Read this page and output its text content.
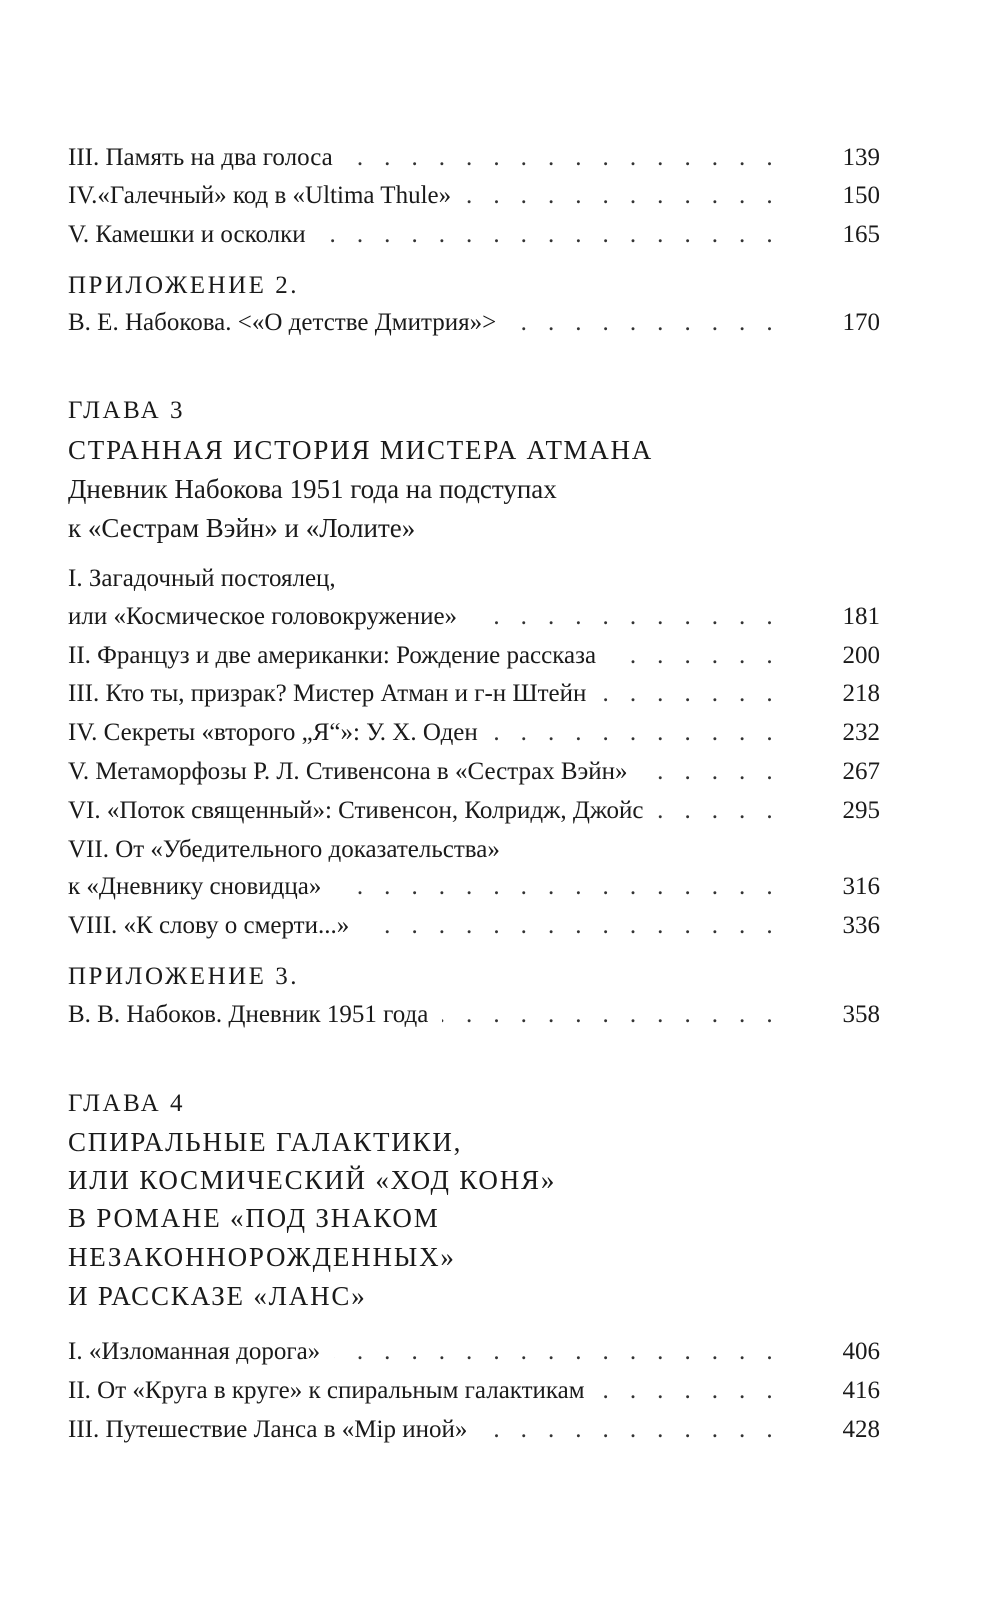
III. Память на два голоса . . .	139
IV.«Галечный» код в «Ultima Thule» . . .	150
V. Камешки и осколки . . .	165
ПРИЛОЖЕНИЕ 2.
В. Е. Набокова. <«О детстве Дмитрия»> . . .	170
ГЛАВА 3
СТРАННАЯ ИСТОРИЯ МИСТЕРА АТМАНА
Дневник Набокова 1951 года на подступах
к «Сестрам Вэйн» и «Лолите»
I. Загадочный постоялец,
или «Космическое головокружение» . . .	181
II. Француз и две американки: Рождение рассказа . . .	200
III. Кто ты, призрак? Мистер Атман и г-н Штейн . . .	218
IV. Секреты «второго „Я“»: У. Х. Оден . . .	232
V. Метаморфозы Р. Л. Стивенсона в «Сестрах Вэйн» . . .	267
VI. «Поток священный»: Стивенсон, Колридж, Джойс . . .	295
VII. От «Убедительного доказательства»
к «Дневнику сновидца» . . .	316
VIII. «К слову о смерти...» . . .	336
ПРИЛОЖЕНИЕ 3.
В. В. Набоков. Дневник 1951 года . . .	358
ГЛАВА 4
СПИРАЛЬНЫЕ ГАЛАКТИКИ,
ИЛИ КОСМИЧЕСКИЙ «ХОД КОНЯ»
В РОМАНЕ «ПОД ЗНАКОМ
НЕЗАКОННОРОЖДЕННЫХ»
И РАССКАЗЕ «ЛАНС»
I. «Изломанная дорога» . . .	406
II. От «Круга в круге» к спиральным галактикам . . .	416
III. Путешествие Ланса в «Мiр иной» . . .	428
